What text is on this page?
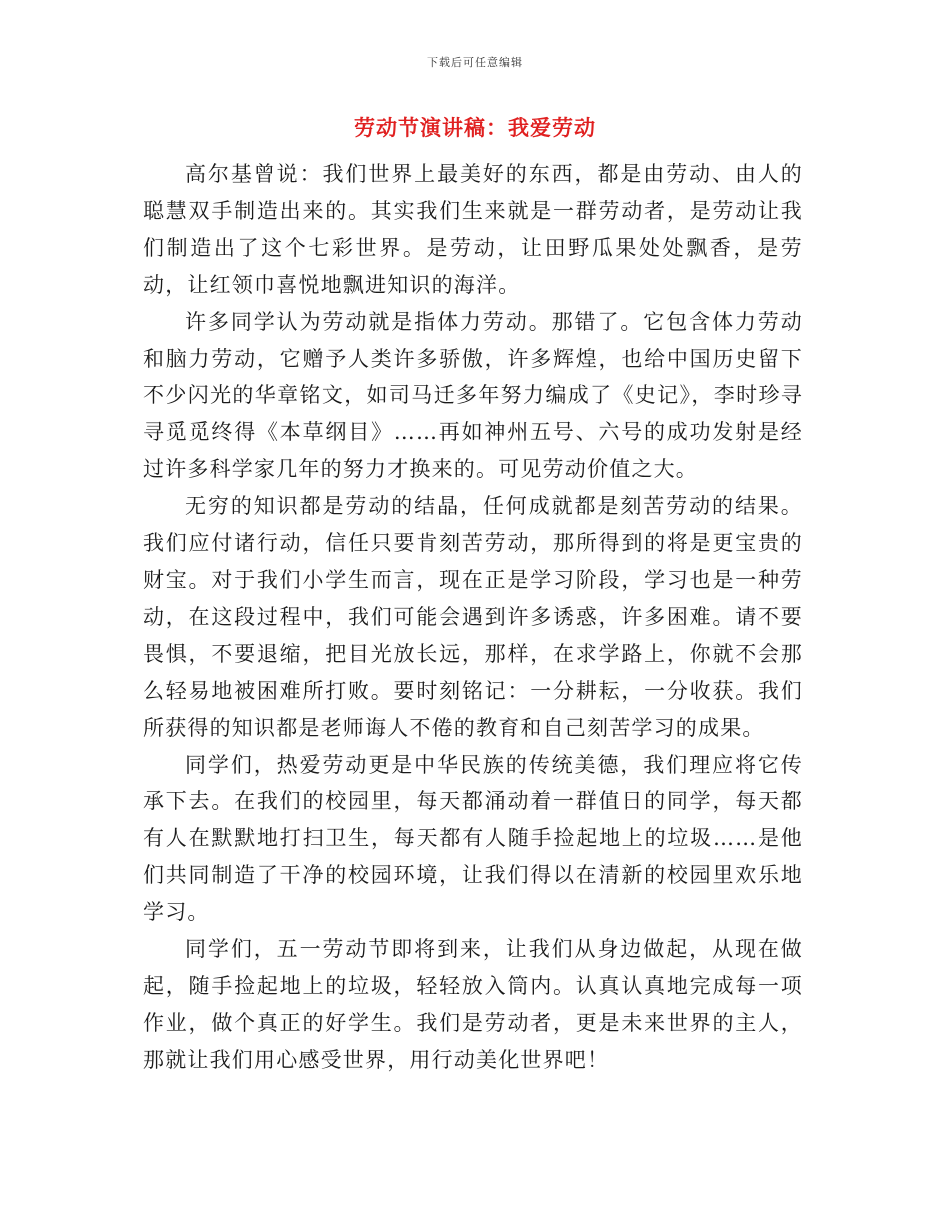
下载后可任意编辑
劳动节演讲稿：我爱劳动

高尔基曾说：我们世界上最美好的东西，都是由劳动、由人的聪慧双手制造出来的。其实我们生来就是一群劳动者，是劳动让我们制造出了这个七彩世界。是劳动，让田野瓜果处处飘香，是劳动，让红领巾喜悦地飘进知识的海洋。

许多同学认为劳动就是指体力劳动。那错了。它包含体力劳动和脑力劳动，它赠予人类许多骄傲，许多辉煌，也给中国历史留下不少闪光的华章铭文，如司马迁多年努力编成了《史记》，李时珍寻寻觅觅终得《本草纲目》……再如神州五号、六号的成功发射是经过许多科学家几年的努力才换来的。可见劳动价值之大。

无穷的知识都是劳动的结晶，任何成就都是刻苦劳动的结果。我们应付诸行动，信任只要肯刻苦劳动，那所得到的将是更宝贵的财宝。对于我们小学生而言，现在正是学习阶段，学习也是一种劳动，在这段过程中，我们可能会遇到许多诱惑，许多困难。请不要畏惧，不要退缩，把目光放长远，那样，在求学路上，你就不会那么轻易地被困难所打败。要时刻铭记：一分耕耘，一分收获。我们所获得的知识都是老师诲人不倦的教育和自己刻苦学习的成果。

同学们，热爱劳动更是中华民族的传统美德，我们理应将它传承下去。在我们的校园里，每天都涌动着一群值日的同学，每天都有人在默默地打扫卫生，每天都有人随手捡起地上的垃圾……是他们共同制造了干净的校园环境，让我们得以在清新的校园里欢乐地学习。

同学们，五一劳动节即将到来，让我们从身边做起，从现在做起，随手捡起地上的垃圾，轻轻放入筒内。认真认真地完成每一项作业，做个真正的好学生。我们是劳动者，更是未来世界的主人，那就让我们用心感受世界，用行动美化世界吧！
